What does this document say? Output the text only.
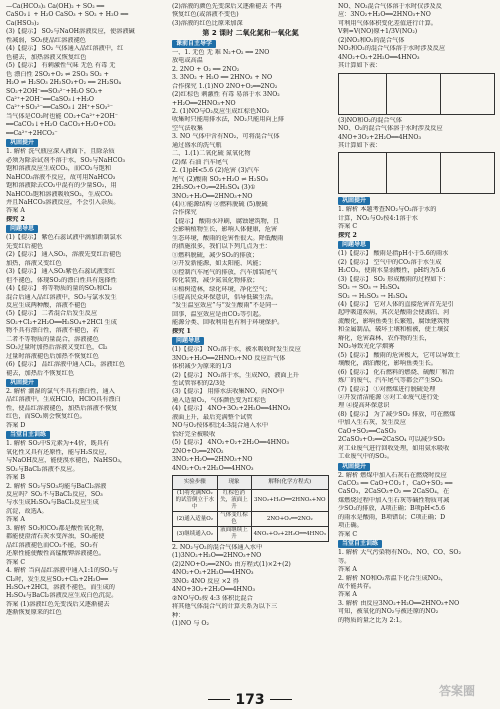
—Ca(HCO₃)₂ Ca(OH)₂ + SO₂ ══
CaSO₃↓ + H₂O CaSO₃ + SO₂ + H₂O ══
Ca(HSO₃)₂
(3)【提示】 SO₂与NaOH溶液反应，使溶液碱
性减弱，SO₂使品红溶液褪色
(4)【提示】 SO₂ 气体通入品红溶液中，红
色褪去，加热溶液又恢复红色
(5)【提示】 有刺激性气味 无色 有毒 无
色 漂白性 2SO₂+O₂ ⇌ 2SO₃ SO₂ +
H₂O ⇌ H₂SO₃ 2H₂SO₃+O₂ ══ 2H₂SO₄
SO₂+2OH⁻══SO₃²⁻+H₂O SO₂+
Ca²⁺+2OH⁻══CaSO₃↓+H₂O
Ca²⁺+SO₃²⁻══CaSO₃↓ 2H⁺+SO₃²⁻
当气体是CO₂时也能 CO₂+Ca²⁺+2OH⁻
══CaCO₃↓+H₂O CaCO₃+H₂O+CO₂
══Ca²⁺+2HCO₃⁻
巩固提升
1. 解析 洗气瓶应深入液面下，且除杂质
必须为除杂试剂不溶于水，SO₂与NaHCO₃
饱和溶液反应生成CO₂，而CO₂与饱和
NaHCO₃溶液不反应，故可用NaHCO₃
饱和溶液除去CO₂中混有的少量SO₂，用
NaHCO₃饱和溶液吸收SO₂，生成CO₂
并且NaHCO₃溶液反应，不会引入杂质。
答案 A
探究 2
问题导思
(1)【提示】 紫色石蕊试液中滴加新制氯水
先变红后褪色
(2)【提示】 通入SO₂，溶液先变红后褪色
加热，溶液又变红色
(3)【提示】 通入SO₂紫色石蕊试液变红
但不褪色，体现SO₂的漂白性具有选择性
(4)【提示】 将等物质的量的SO₂和Cl₂
混合后通入品红溶液中，SO₂与氯水发生
反应生成两种酸，溶液不褪色
(5)【提示】 二者混合后发生反应
SO₂+Cl₂+2H₂O══H₂SO₄+2HCl 生成
物不具有漂白性，溶液不褪色，若
二者不等物质的量混合，溶液褪色
SO₂过量时加热后溶液又变红色，Cl₂
过量时溶液褪色后加热不恢复红色
(6)【提示】 品红溶液中通入Cl₂，溶液红色
褪去，加热后不恢复红色
巩固提升
2. 解析 潮湿的氯气不具有漂白性，通入
品红溶液中，生成HClO，HClO具有漂白
性，使品红溶液褪色，加热后溶液不恢复
红色，而SO₂则会恢复红色。
答案 D
当堂自主训练
1. 解析 SO₂中S元素为+4价，既具有
氧化性又具有还原性，能与H₂S反应，
与NaOH反应，能使溴水褪色，NaHSO₃，
SO₂与BaCl₂溶液不反应。
答案 B
2. 解析 SO₂与SO₃均能与BaCl₂溶液
反应吗？SO₂不与BaCl₂反应，SO₃
与水生成H₂SO₄与BaCl₂反应生成
沉淀，故选A。
答案 A
3. 解析 SO₂和CO₂都是酸性氧化物，
都能使澄清石灰水变浑浊，SO₂能使
品红溶液褪色而CO₂不能，SO₂有
还原性能使酸性高锰酸钾溶液褪色。
答案 C
4. 解析 当向品红溶液中通入1:1的SO₂与
Cl₂时，发生反应SO₂+Cl₂+2H₂O══
H₂SO₄+2HCl，溶液不褪色，而生成的
H₂SO₄与BaCl₂溶液反应生成白色沉淀。
答案 (1)溶液红色先变浅后又逐渐褪去
逐渐恢复原来的红色
(2)溶液的颜色先变深后又逐渐褪去 不再
恢复红色(或溶液不变色)
(3)溶液的红色比原来加深
第 2 课时 二氧化氮和一氧化氮
课前自主导学
一、1. 无色 无 难 N₂+O₂ ══ 2NO
放电或高温
2. 2NO + O₂ ══ 2NO₂
3. 3NO₂ + H₂O ══ 2HNO₃ + NO
合作探究 1.(1)NO 2NO+O₂══2NO₂
(2)红棕色 刺激性 有毒 易溶于水 3NO₂
+H₂O══2HNO₃+NO
2. (1)NO与O₂反应生成红棕色NO₂
收集时只能用排水法，NO₂只能用向上排
空气法收集
3. NO 气体中含有NO₂，可将混合气体
通过盛水的洗气瓶
二、1.(1)二氧化硫 氮氧化物
(2)煤 石油 汽车尾气
2. (1)pH<5.6 (2)危害 (3)汽车
尾气 (2)酸雨 SO₂+H₂O ⇌ H₂SO₃
2H₂SO₃+O₂══2H₂SO₄ (3)①
3NO₂+H₂O══2HNO₃+NO
(4)①能源结构 ②燃料脱硫 (5)脱硫
合作探究
【提示】 酸雨水冲刷，腐蚀建筑物，且
会影响植物生长，影响人体健康，危害
生态环境，酸雨的危害性很大。降低酸雨
的措施很多，我们以下列几点为主：
①燃料脱硫，减少SO₂的排放；
②开发新能源，如太阳能、风能；
③控制汽车尾气的排放，汽车加装尾气
转化装置，减少氮氧化物排放；
④植树造林，绿化环境，净化空气；
⑤提高民众环保意识，倡导低碳生活。
“发生温室效应”与“发生酸雨”不是同一
回事，温室效应是由CO₂等引起。
能源分类、回收利用也有利于环境保护。
探究 1
问题导思
(1)【提示】 NO₂溶于水，被水吸收时发生反应
3NO₂+H₂O══2HNO₃+NO 反应后气体
体积减少为原来的1/3
(2)【提示】 NO₂溶于水，生成NO，液面上升
至试管容积的2/3处
(3)【提示】 用排水法收集NO，向NO中
通入适量O₂，气体颜色变为红棕色
(4)【提示】 4NO+3O₂+2H₂O══4HNO₃
液面上升，最后充满整个试管
NO与O₂按体积比4:3混合通入水中
恰好完全被吸收
(5)【提示】 4NO₂+O₂+2H₂O══4HNO₃
2NO+O₂══2NO₂
3NO₂+H₂O══2HNO₃+NO
4NO₂+O₂+2H₂O══4HNO₃
实验步骤	现象	解释(化学方程式)
(1)将充满NO₂的试管倒立于水中	红棕色消失，液面上升	3NO₂+H₂O══2HNO₃+NO
(2)通入适量O₂	气体变红棕色	2NO+O₂══2NO₂
(3)继续通入O₂	液面继续上升	4NO₂+O₂+2H₂O══4HNO₃
2. NO₂与O₂的混合气体通入水中
(1)3NO₂+H₂O══2HNO₃+NO
(2)2NO+O₂══2NO₂ 由方程式(1)×2+(2)
4NO₂+O₂+2H₂O══4HNO₃
3NO₂ 4NO 反应 ×2 得
4NO+3O₂+2H₂O══4HNO₃
②NO与O₂按 4:3 体积比混合
将其他气体混合气的计算关系为以下三
种：
(1)NO 与 O₂
NO、NO₂混合气体溶于水时仅涉及反
应：3NO₂+H₂O══2HNO₃+NO
可利用气体体积变化差值进行计算。
V剩=V(NO)原+1/3V(NO₂)
(2)NO₂和O₂的混合气体
NO₂和O₂的混合气体溶于水时涉及反应
4NO₂+O₂+2H₂O══4HNO₃
其计算如下表：
(3)NO和O₂的混合气体
NO、O₂的混合气体溶于水时涉及反应
4NO+3O₂+2H₂O══4HNO₃
其计算如下表：
巩固提升
1. 解析 本题考查NO₂与O₂溶于水的
计算，NO₂与O₂按4:1溶于水
答案 C
探究 2
问题导思
(1)【提示】 酸雨是指pH小于5.6的雨水
(2)【提示】 空气中的CO₂溶于水生成
H₂CO₃，使雨水显弱酸性，pH约为5.6
(3)【提示】 SO₂ 形成酸雨的过程如下：
SO₂ → SO₃ → H₂SO₄
SO₂ → H₂SO₃ → H₂SO₄
(4)【提示】 它对人体的直接危害首先是引
起呼吸道疾病，其次是酸雨会使湖泊、河
流酸化，影响鱼类生长繁殖，腐蚀建筑物
和金属制品，破坏土壤和植被，使土壤贫
瘠化，危害森林、农作物的生长，
NO₂导致光化学烟雾
(5)【提示】 酸雨的危害极大，它可以导致土
壤酸化，湖泊酸化，影响鱼类生长。
(6)【提示】 化石燃料的燃烧、硫酸厂和冶
炼厂的废气、汽车尾气等都会产生SO₂
(7)【提示】 ①对燃煤进行脱硫处理
②开发清洁能源 ③对工业废气进行处
理 ④提高环保意识
(8)【提示】 为了减少SO₂ 排放，可在燃煤
中加入生石灰，发生反应
CaO+SO₂══CaSO₃
2CaSO₃+O₂══2CaSO₄ 可以减少SO₂
对工业废气进行回收处理，如用氨水吸收
工业废气中的SO₂。
巩固提升
2. 解析 燃煤中加入石灰石在燃烧时反应
CaCO₃ ══ CaO+CO₂↑，CaO+SO₂ ══
CaSO₃，2CaSO₃+O₂ ══ 2CaSO₄，在
煤燃烧过程中加入生石灰等碱性物质可减
少SO₂的排放，A项正确；B项pH<5.6
的雨水是酸雨，B项错误；C项正确；D
项正确。
答案 C
当堂自主训练
1. 解析 大气污染物有NO₂、NO、CO、SO₂
等。
答案 A
2. 解析 NO和O₂常温下化合生成NO₂，
故不能共存。
答案 A
3. 解析 由反应3NO₂+H₂O══2HNO₃+NO
可知，被氧化的NO₂与被还原的NO₂
的物质的量之比为 2:1。
173
答案圈
